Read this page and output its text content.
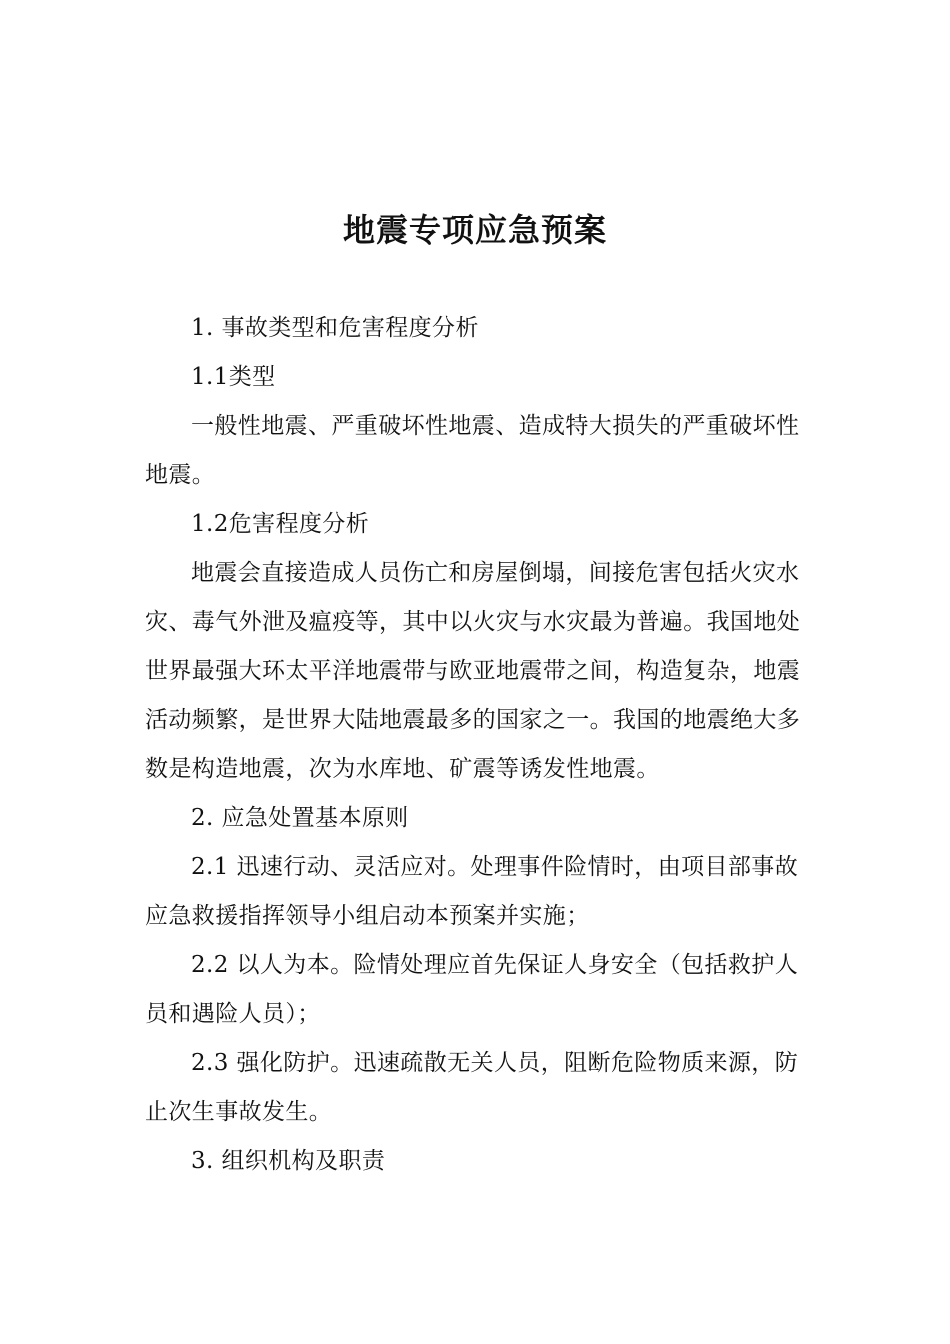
地震专项应急预案

1. 事故类型和危害程度分析

1.1类型

一般性地震、严重破坏性地震、造成特大损失的严重破坏性地震。

1.2危害程度分析

地震会直接造成人员伤亡和房屋倒塌，间接危害包括火灾水灾、毒气外泄及瘟疫等，其中以火灾与水灾最为普遍。我国地处世界最强大环太平洋地震带与欧亚地震带之间，构造复杂，地震活动频繁，是世界大陆地震最多的国家之一。我国的地震绝大多数是构造地震，次为水库地、矿震等诱发性地震。

2. 应急处置基本原则

2.1 迅速行动、灵活应对。处理事件险情时，由项目部事故应急救援指挥领导小组启动本预案并实施；

2.2 以人为本。险情处理应首先保证人身安全（包括救护人员和遇险人员）；

2.3 强化防护。迅速疏散无关人员，阻断危险物质来源，防止次生事故发生。

3. 组织机构及职责
